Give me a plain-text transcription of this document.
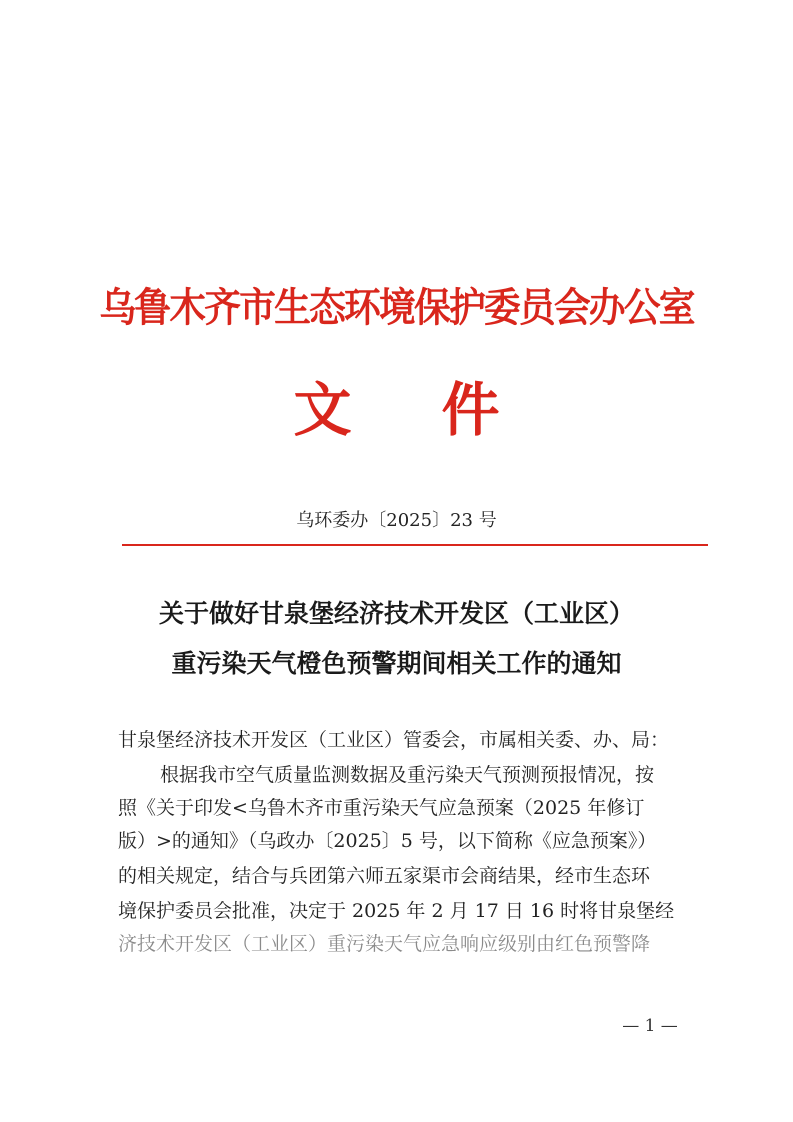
乌鲁木齐市生态环境保护委员会办公室
文件
乌环委办〔2025〕23 号
关于做好甘泉堡经济技术开发区（工业区）
重污染天气橙色预警期间相关工作的通知
甘泉堡经济技术开发区（工业区）管委会，市属相关委、办、局：
根据我市空气质量监测数据及重污染天气预测预报情况，按
照《关于印发<乌鲁木齐市重污染天气应急预案（2025 年修订
版）>的通知》（乌政办〔2025〕5 号，以下简称《应急预案》）
的相关规定，结合与兵团第六师五家渠市会商结果，经市生态环
境保护委员会批准，决定于 2025 年 2 月 17 日 16 时将甘泉堡经
济技术开发区（工业区）重污染天气应急响应级别由红色预警降
— 1 —
